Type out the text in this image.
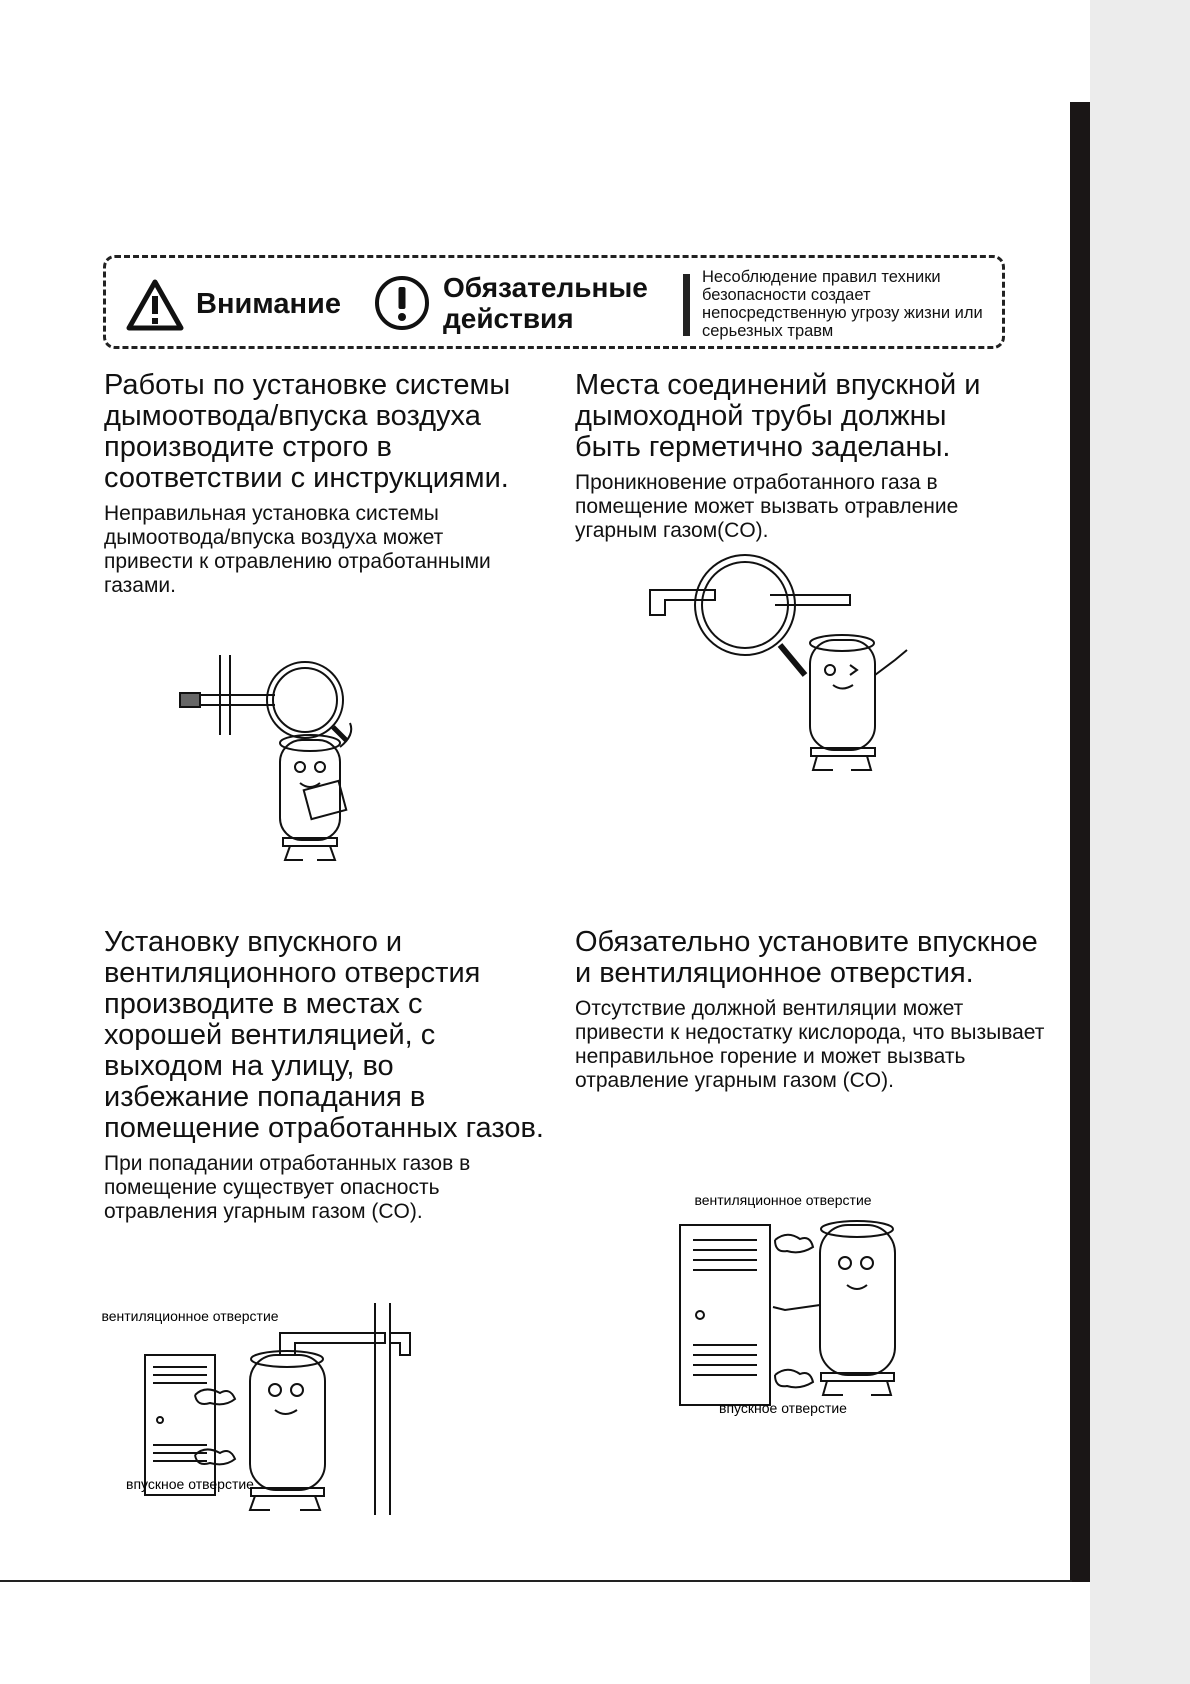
Внимание
Обязательные действия
Несоблюдение правил техники безопасности создает непосредственную угрозу жизни или серьезных травм

Работы по установке системы дымоотвода/впуска воздуха производите строго в соответствии с инструкциями.

Неправильная установка системы дымоотвода/впуска воздуха может привести к отравлению отработанными газами.

Места соединений впускной и дымоходной трубы должны быть герметично заделаны.

Проникновение отработанного газа в помещение может вызвать отравление угарным газом(CO).

Установку впускного и вентиляционного отверстия производите в местах с хорошей вентиляцией, с выходом на улицу, во избежание попадания в помещение отработанных газов.

При попадании отработанных газов в помещение существует опасность отравления угарным газом (CO).

Обязательно установите впускное и вентиляционное отверстия.

Отсутствие должной вентиляции может привести к недостатку кислорода, что вызывает неправильное горение и может вызвать отравление угарным газом (CO).

вентиляционное отверстие
впускное отверстие
вентиляционное отверстие
впускное отверстие
